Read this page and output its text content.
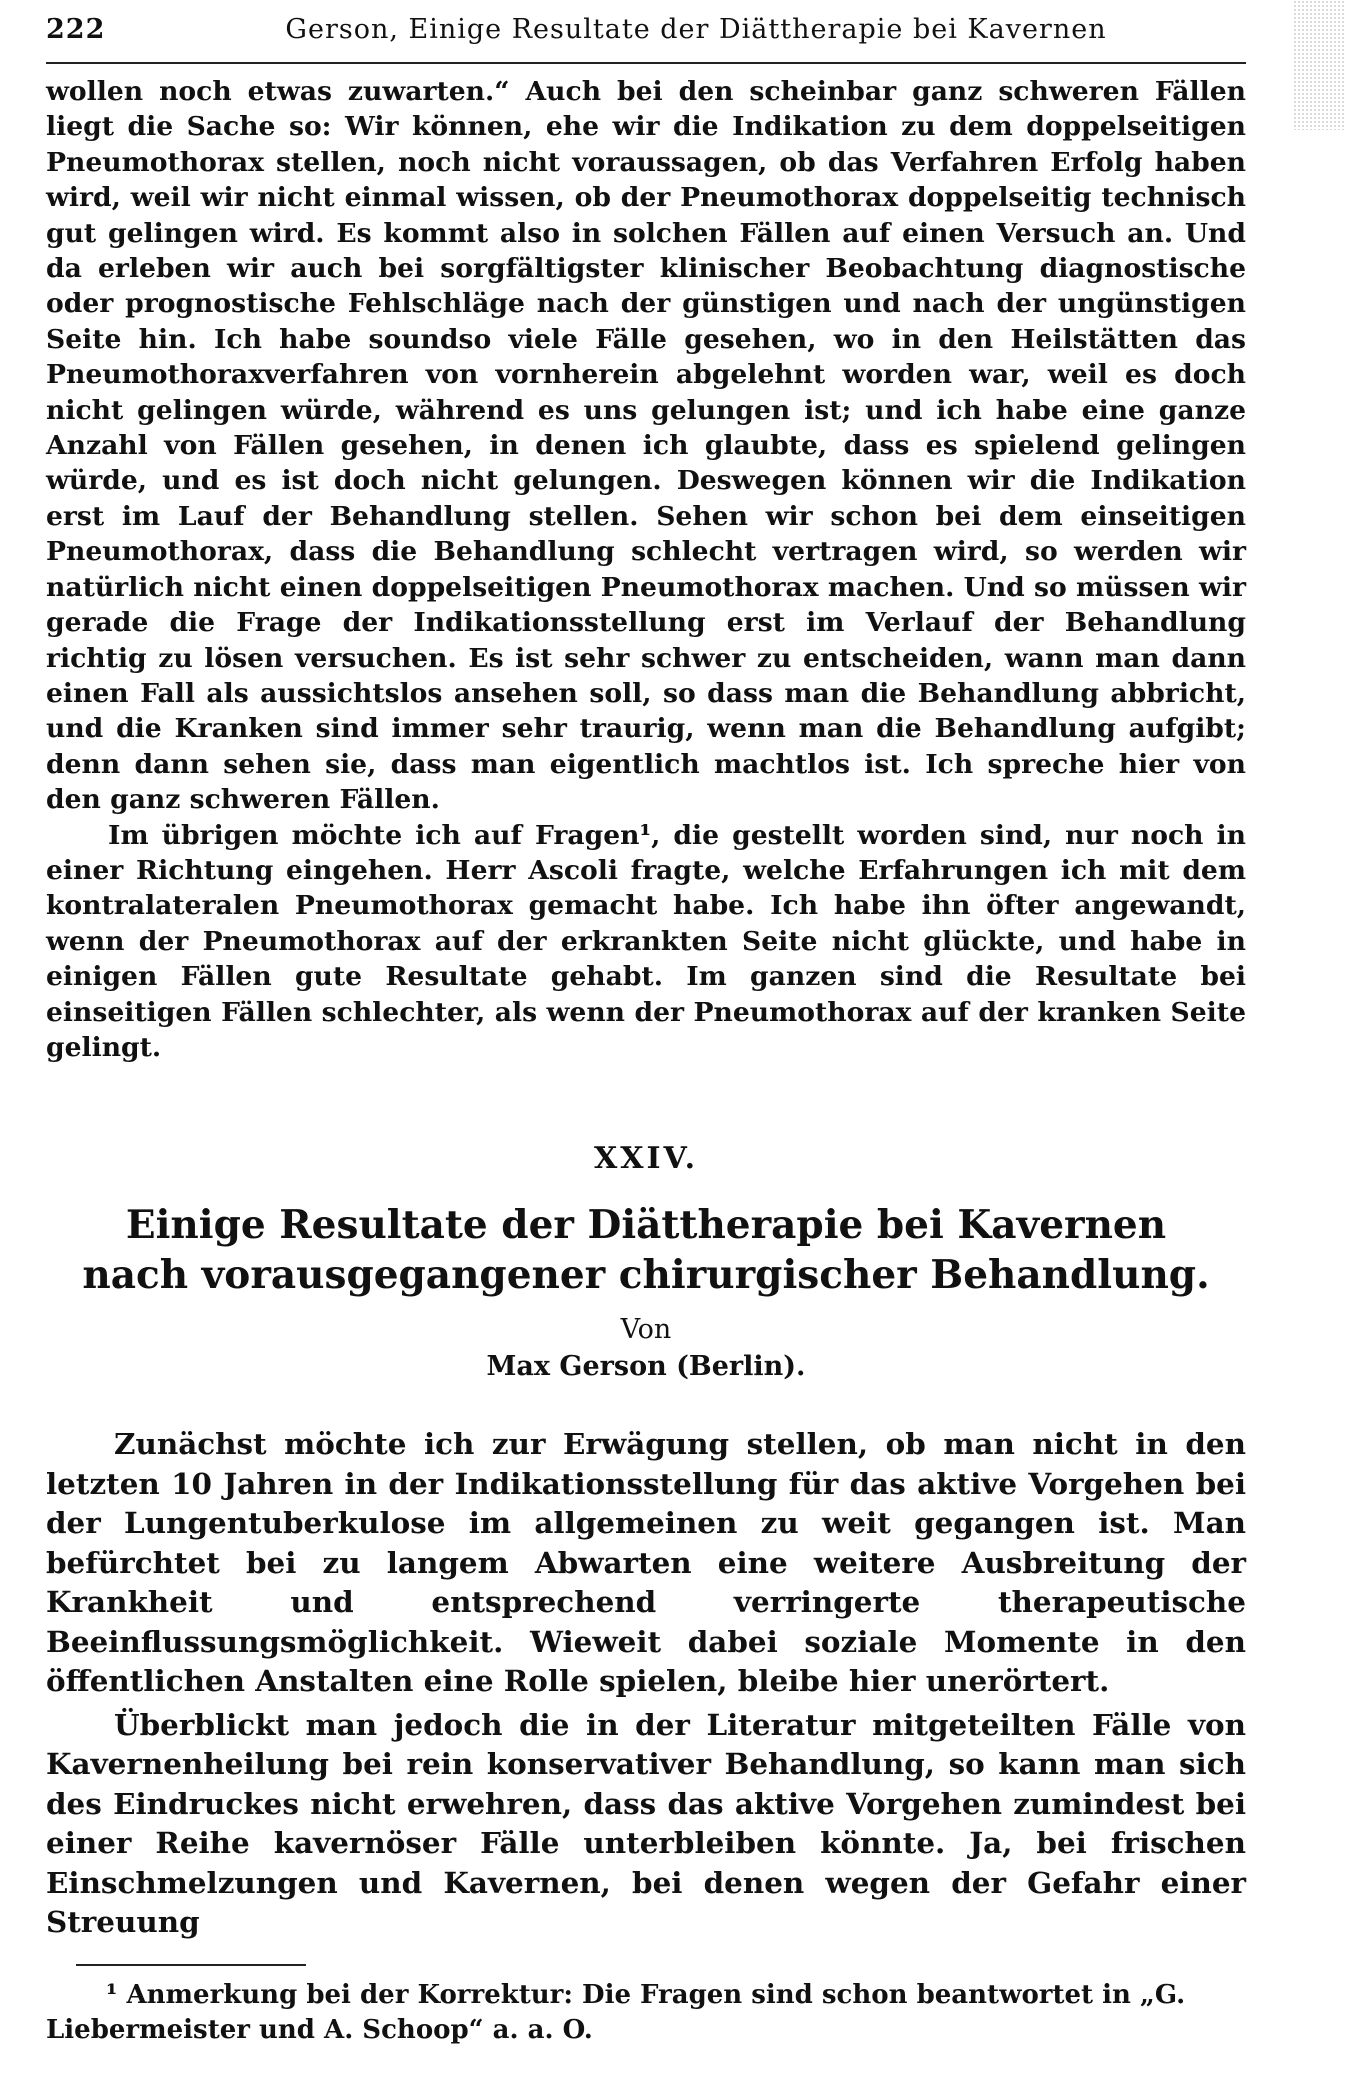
222	Gerson, Einige Resultate der Diättherapie bei Kavernen

wollen noch etwas zuwarten.“ Auch bei den scheinbar ganz schweren Fällen liegt die Sache so: Wir können, ehe wir die Indikation zu dem doppelseitigen Pneumothorax stellen, noch nicht voraussagen, ob das Verfahren Erfolg haben wird, weil wir nicht einmal wissen, ob der Pneumothorax doppelseitig technisch gut gelingen wird. Es kommt also in solchen Fällen auf einen Versuch an. Und da erleben wir auch bei sorgfältigster klinischer Beobachtung diagnostische oder prognostische Fehlschläge nach der günstigen und nach der ungünstigen Seite hin. Ich habe soundso viele Fälle gesehen, wo in den Heilstätten das Pneumothoraxverfahren von vornherein abgelehnt worden war, weil es doch nicht gelingen würde, während es uns gelungen ist; und ich habe eine ganze Anzahl von Fällen gesehen, in denen ich glaubte, dass es spielend gelingen würde, und es ist doch nicht gelungen. Deswegen können wir die Indikation erst im Lauf der Behandlung stellen. Sehen wir schon bei dem einseitigen Pneumothorax, dass die Behandlung schlecht vertragen wird, so werden wir natürlich nicht einen doppelseitigen Pneumothorax machen. Und so müssen wir gerade die Frage der Indikationsstellung erst im Verlauf der Behandlung richtig zu lösen versuchen. Es ist sehr schwer zu entscheiden, wann man dann einen Fall als aussichtslos ansehen soll, so dass man die Behandlung abbricht, und die Kranken sind immer sehr traurig, wenn man die Behandlung aufgibt; denn dann sehen sie, dass man eigentlich machtlos ist. Ich spreche hier von den ganz schweren Fällen.

Im übrigen möchte ich auf Fragen¹, die gestellt worden sind, nur noch in einer Richtung eingehen. Herr Ascoli fragte, welche Erfahrungen ich mit dem kontralateralen Pneumothorax gemacht habe. Ich habe ihn öfter angewandt, wenn der Pneumothorax auf der erkrankten Seite nicht glückte, und habe in einigen Fällen gute Resultate gehabt. Im ganzen sind die Resultate bei einseitigen Fällen schlechter, als wenn der Pneumothorax auf der kranken Seite gelingt.

XXIV.
Einige Resultate der Diättherapie bei Kavernen
nach vorausgegangener chirurgischer Behandlung.
Von
Max Gerson (Berlin).

Zunächst möchte ich zur Erwägung stellen, ob man nicht in den letzten 10 Jahren in der Indikationsstellung für das aktive Vorgehen bei der Lungentuberkulose im allgemeinen zu weit gegangen ist. Man befürchtet bei zu langem Abwarten eine weitere Ausbreitung der Krankheit und entsprechend verringerte therapeutische Beeinflussungsmöglichkeit. Wieweit dabei soziale Momente in den öffentlichen Anstalten eine Rolle spielen, bleibe hier unerörtert.

Überblickt man jedoch die in der Literatur mitgeteilten Fälle von Kavernenheilung bei rein konservativer Behandlung, so kann man sich des Eindruckes nicht erwehren, dass das aktive Vorgehen zumindest bei einer Reihe kavernöser Fälle unterbleiben könnte. Ja, bei frischen Einschmelzungen und Kavernen, bei denen wegen der Gefahr einer Streuung

¹ Anmerkung bei der Korrektur: Die Fragen sind schon beantwortet in „G. Liebermeister und A. Schoop“ a. a. O.
